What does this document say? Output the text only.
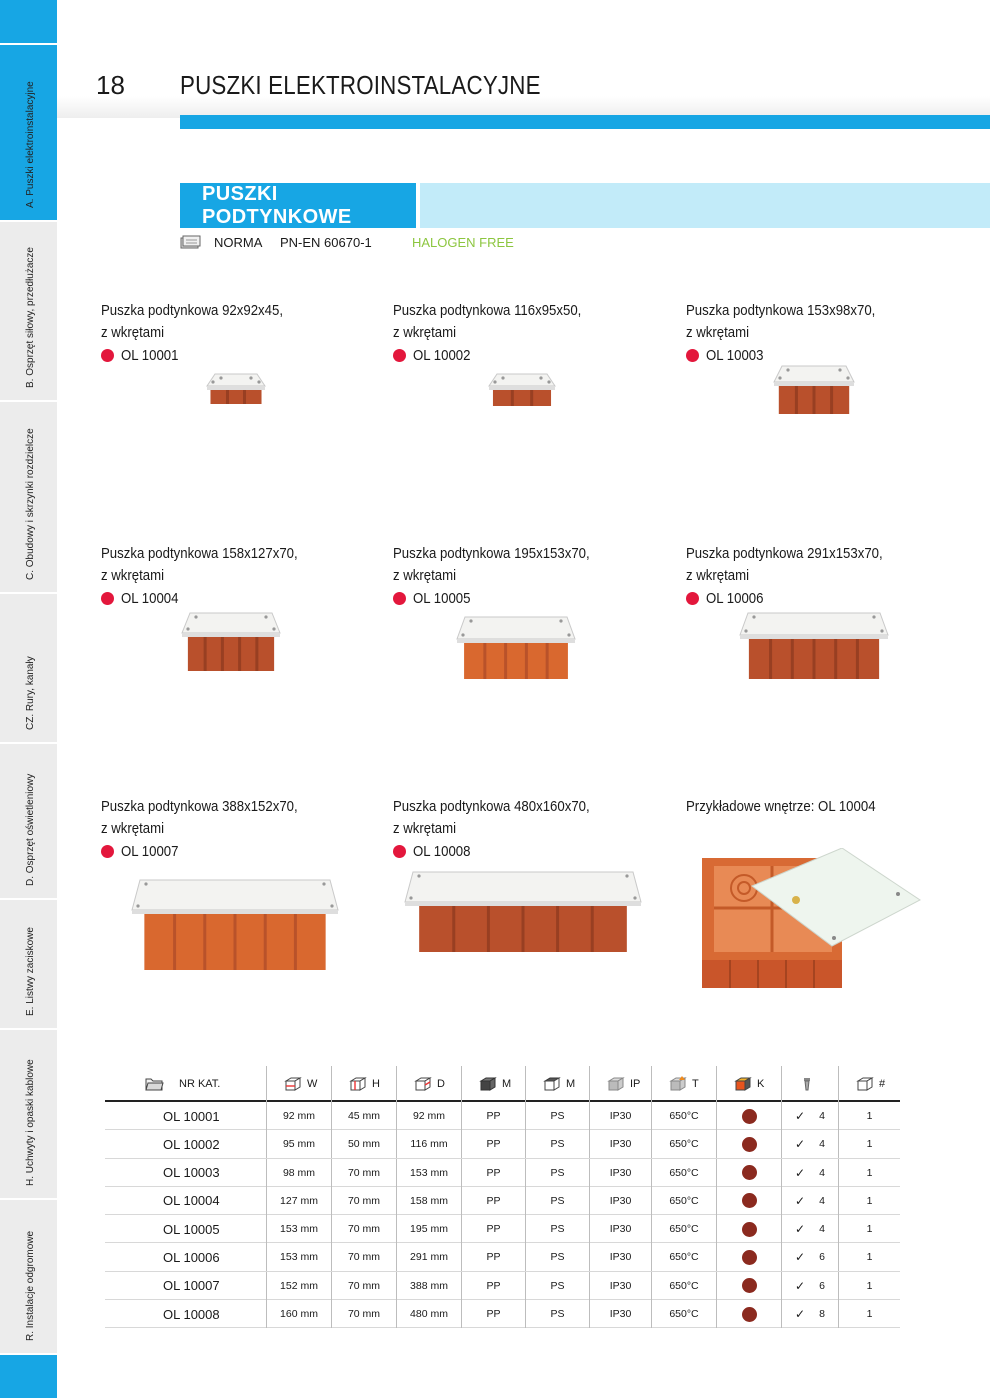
A. Puszki elektroinstalacyjne
B. Osprzęt siłowy, przedłużacze
C. Obudowy i skrzynki rozdzielcze
CZ. Rury, kanały
D. Osprzęt oświetleniowy
E. Listwy zaciskowe
H. Uchwyty i opaski kablowe
R. Instalacje odgromowe
18 PUSZKI ELEKTROINSTALACYJNE
PUSZKI PODTYNKOWE
NORMA	PN-EN 60670-1	HALOGEN FREE
Puszka podtynkowa 92x92x45,
z wkrętami
OL 10001
Puszka podtynkowa 116x95x50,
z wkrętami
OL 10002
Puszka podtynkowa 153x98x70,
z wkrętami
OL 10003
Puszka podtynkowa 158x127x70,
z wkrętami
OL 10004
Puszka podtynkowa 195x153x70,
z wkrętami
OL 10005
Puszka podtynkowa 291x153x70,
z wkrętami
OL 10006
Puszka podtynkowa 388x152x70,
z wkrętami
OL 10007
Puszka podtynkowa 480x160x70,
z wkrętami
OL 10008
Przykładowe wnętrze: OL 10004
NR KAT.	W	H	D	M	M	IP	T	K	#
OL 10001	92 mm	45 mm	92 mm	PP	PS	IP30	650°C	✓ 4	1
OL 10002	95 mm	50 mm	116 mm	PP	PS	IP30	650°C	✓ 4	1
OL 10003	98 mm	70 mm	153 mm	PP	PS	IP30	650°C	✓ 4	1
OL 10004	127 mm	70 mm	158 mm	PP	PS	IP30	650°C	✓ 4	1
OL 10005	153 mm	70 mm	195 mm	PP	PS	IP30	650°C	✓ 4	1
OL 10006	153 mm	70 mm	291 mm	PP	PS	IP30	650°C	✓ 6	1
OL 10007	152 mm	70 mm	388 mm	PP	PS	IP30	650°C	✓ 6	1
OL 10008	160 mm	70 mm	480 mm	PP	PS	IP30	650°C	✓ 8	1
